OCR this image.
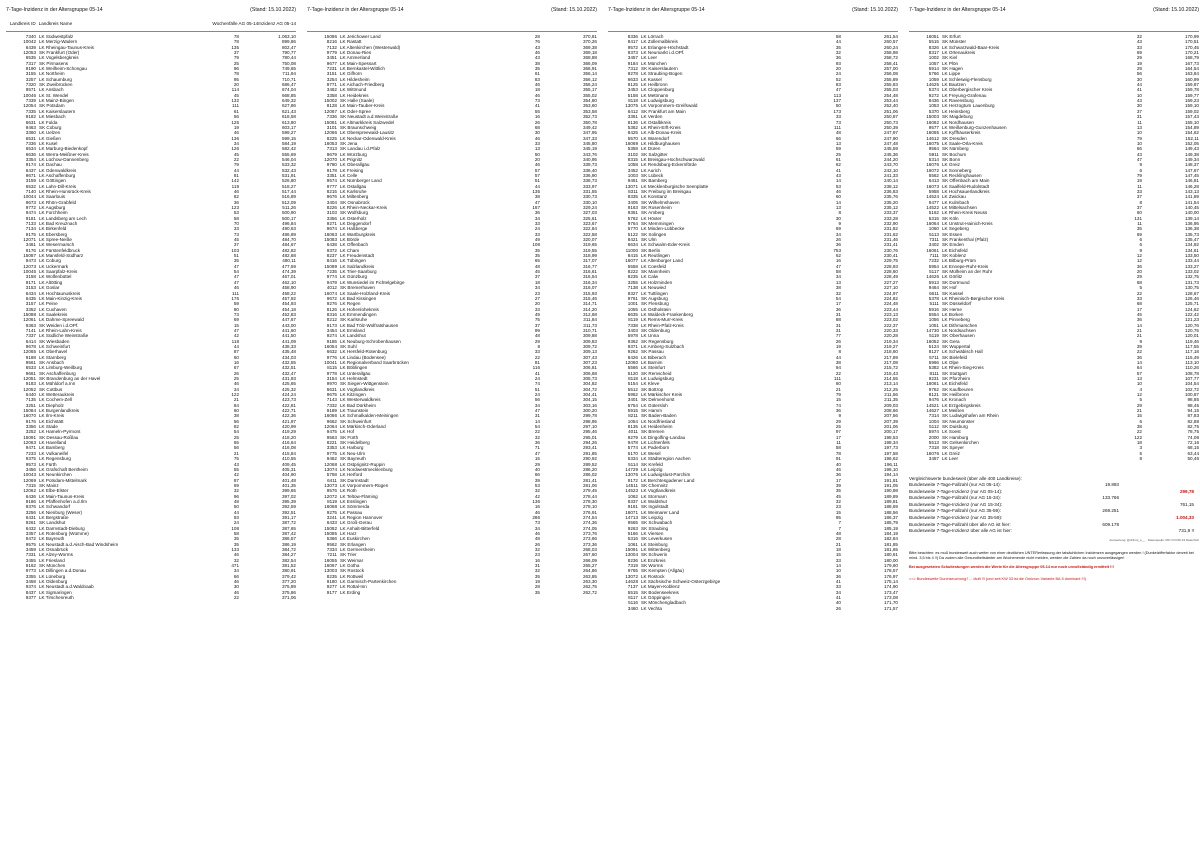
7-Tage-Inzidenz in der Altersgruppe 05-14	(Stand: 15.10.2022)
Landkreis ID Landkreis Name	Wochenfälle AG 05-14 Inzidenz AG 05-14
7340 LK Südwestpfalz	78	1.063,10
10042 LK Merzig-Wadern	78	899,86
6439 LK Rheingau-Taunus-Kreis	135	802,47
12053 SK Frankfurt (Oder)	37	790,77
6535 LK Vogelsbergkreis	79	780,44
7317 SK Pirmasens	25	750,08
9190 LK Weilheim-Schongau	96	749,65
3155 LK Northeim	78	711,94
3257 LK Schaumburg	95	710,71
7320 SK Zweibrücken	20	686,47
9571 LK Ansbach	114	674,04
10046 LK St. Wendel	45	668,85
7339 LK Mainz-Bingen	132	649,32
12054 SK Potsdam	111	627,86
7335 LK Kaiserslautern	61	621,43
9182 LK Miesbach	56	618,58
6631 LK Fulda	125	613,80
9463 SK Coburg	19	603,17
3360 LK Uelzen	46	599,27
6531 LK Gießen	136	599,15
7336 LK Kusel	34	584,19
6534 LK Marburg-Biedenkopf	126	582,42
6636 LK Werra-Meißner-Kreis	45	555,69
3354 LK Lüchow-Dannenberg	22	546,04
9174 LK Dachau	79	533,32
6437 LK Odenwaldkreis	44	532,43
9671 LK Aschaffenburg	81	531,91
3159 LK Göttingen	142	526,80
6532 LK Lahn-Dill-Kreis	119	518,27
7140 LK Rhein-Hunsrück-Kreis	46	517,44
10044 LK Saarlouis	82	516,89
9673 LK Rhön-Grabfeld	36	512,09
9772 LK Augsburg	123	511,26
9474 LK Forchheim	53	500,90
9181 LK Landsberg am Lech	58	500,17
7133 LK Bad Kreuznach	70	496,84
7134 LK Birkenfeld	33	490,63
9175 LK Ebersberg	73	486,89
12071 LK Spree-Neiße	45	484,70
3461 LK Wesermarsch	37	484,67
9176 LK Fürstenfeldbruck	103	482,82
15087 LK Mansfeld-Südharz	51	482,68
9473 LK Coburg	35	480,11
12073 LK Uckermark	47	477,59
10045 LK Saarpfalz-Kreis	54	474,39
3158 LK Wolfenbüttel	47	467,01
9171 LK Altötting	47	462,10
3153 LK Goslar	46	458,90
6434 LK Hochtaunuskreis	111	458,22
6435 LK Main-Kinzig-Kreis	176	457,92
3157 LK Peine	59	454,93
3352 LK Cuxhaven	80	454,18
15088 LK Saalekreis	73	452,83
12061 LK Dahme-Spreewald	69	447,67
9363 SK Weiden i.d.OPf.	15	443,00
7141 LK Rhein-Lahn-Kreis	47	441,60
7337 LK Südliche Weinstraße	42	441,50
6414 SK Wiesbaden	118	441,09
9678 LK Schweinfurt	44	438,33
12065 LK Oberhavel	87	435,48
9188 LK Starnberg	60	434,03
9561 SK Ansbach	16	432,55
6533 LK Limburg-Weilburg	67	432,51
9661 SK Aschaffenburg	26	432,47
12051 SK Brandenburg an der Havel	25	431,93
9183 LK Mühldorf a.Inn	46	425,65
12052 SK Cottbus	34	425,32
6440 LK Wetteraukreis	122	424,24
7135 LK Cochem-Zell	21	423,73
3251 LK Diepholz	84	422,81
15084 LK Burgenlandkreis	60	422,71
16070 LK Ilm-Kreis	38	422,36
9176 LK Eichstätt	56	421,97
3356 LK Stade	82	420,99
3252 LK Hameln-Pyrmont	54	419,29
15091 SK Dessau-Roßlau	25	418,20
12063 LK Havelland	65	416,64
9471 LK Bamberg	56	416,08
7233 LK Vulkaneifel	21	415,84
9375 LK Regensburg	75	410,55
9573 LK Fürth	43	409,45
3456 LK Grafschaft Bentheim	55	405,31
10043 LK Neunkirchen	42	404,90
12069 LK Potsdam-Mittelmark	87	401,48
7315 SK Mainz	69	401,35
12062 LK Elbe-Elster	32	399,65
6436 LK Main-Taunus-Kreis	96	397,02
9186 LK Pfaffenhofen a.d.Ilm	48	395,39
9376 LK Schwandorf	50	392,59
3256 LK Nienburg (Weser)	44	392,51
6431 LK Bergstraße	93	391,17
9261 SK Landshut	24	387,72
6432 LK Darmstadt-Dieburg	108	387,65
3357 LK Rotenburg (Wümme)	58	387,42
9472 LK Bayreuth	35	386,57
9575 LK Neustadt a.d.Aisch-Bad Windsheim	35	386,19
3459 LK Osnabrück	133	384,72
7331 LK Alzey-Worms	46	384,27
3455 LK Friesland	32	382,54
9162 SK München	471	381,52
9773 LK Dillingen a.d.Donau	34	380,91
3355 LK Lüneburg	66	379,42
3458 LK Oldenburg	46	377,20
9374 LK Neustadt a.d.Waldnaab	30	375,89
8437 LK Sigmaringen	46	375,86
9377 LK Tirschenreuth	22	371,06
7-Tage-Inzidenz in der Altersgruppe 05-14	(Stand: 15.10.2022)
15086 LK Jerichower Land	28	370,81
8216 LK Rastatt	76	370,26
7132 LK Altenkirchen (Westerwald)	43	369,38
9779 LK Donau-Ries	46	369,18
3451 LK Ammerland	43	368,88
9677 LK Main-Spessart	38	366,09
7231 LK Bernkastel-Wittlich	35	366,91
3151 LK Gifhorn	61	356,14
3254 LK Hildesheim	83	356,12
9771 LK Aichach-Friedberg	46	355,24
3462 LK Wittmund	18	355,17
3358 LK Heidekreis	46	355,02
15002 SK Halle (Saale)	73	354,80
8128 LK Main-Tauber-Kreis	41	353,60
12067 LK Oder-Spree	55	353,58
7336 SK Neustadt a.d.Weinstraße	16	352,73
15081 LK Altmarkkreis Salzwedel	26	350,78
3101 SK Braunschweig	68	349,42
12066 LK Oberspreewald-Lausitz	30	347,95
8225 LK Neckar-Odenwald-Kreis	46	347,33
16053 SK Jena	33	345,80
7313 SK Landau i.d.Pfalz	13	345,19
9679 LK Würzburg	50	343,76
12070 LK Prignitz	20	340,95
9780 LK Oberallgäu	46	339,73
9178 LK Freising	57	336,40
3351 LK Celle	57	336,90
9574 LK Nürnberger Land	51	336,73
9777 LK Ostallgäu	44	333,97
8215 LK Karlsruhe	135	331,55
9676 LK Miltenberg	38	330,73
3404 SK Osnabrück	47	330,10
8226 LK Rhein-Neckar-Kreis	167	329,24
3103 SK Wolfsburg	36	327,03
3356 LK Osterholz	34	325,61
9271 LK Deggendorf	33	323,67
9674 LK Haßberge	24	322,84
16063 LK Wartburgkreis	33	322,58
15083 LK Börde	49	320,07
6438 LK Offenbach	108	319,65
9372 LK Cham	35	319,55
8237 LK Freudenstadt	35	318,99
8416 LK Tübingen	65	317,07
15089 LK Salzlandkreis	48	316,77
7235 LK Trier-Saarburg	45	316,61
9774 LK Günzburg	37	316,54
9479 LK Wunsiedel im Fichtelgebirge	18	316,34
4012 SK Bremerhaven	34	316,07
16074 LK Saale-Holzland-Kreis	23	315,93
9672 LK Bad Kissingen	27	315,46
9276 LK Regen	20	314,71
8126 LK Hohenlohekreis	33	314,20
8316 LK Emmendingen	49	312,68
8212 SK Karlsruhe	75	311,84
9173 LK Bad Tölz-Wolfratshausen	37	311,73
3454 LK Emsland	99	310,71
9274 LK Landshut	48	309,88
9185 LK Neuburg-Schrobenhausen	29	309,83
16054 SK Suhl	8	309,72
6632 LK Hersfeld-Rotenburg	33	309,13
9776 LK Lindau (Bodensee)	22	307,43
10041 LK Regionalverband Saarbrücken	81	307,23
8115 LK Böblingen	116	306,81
9778 LK Unterallgäu	41	306,68
3154 LK Helmstedt	24	305,73
9970 SK Siegen-Wittgenstein	74	304,82
6631 LK Vogtlandkreis	51	304,72
9675 LK Kitzingen	24	304,41
7143 LK Westerwaldkreis	56	304,15
7332 LK Bad Dürkheim	34	303,16
9189 LK Traunstein	47	300,20
16066 LK Schmalkalden-Meiningen	31	299,78
9662 SK Schweinfurt	14	298,95
12064 LK Märkisch-Oderland	54	297,10
9475 LK Hof	22	295,46
9563 SK Fürth	32	295,01
8221 SK Heidelberg	36	294,26
3353 LK Harburg	71	293,41
9775 LK Neu-Ulm	47	291,85
9462 SK Bayreuth	15	290,92
12068 LK Ostprignitz-Ruppin	29	289,52
13074 LK Nordwestmecklenburg	40	286,20
5758 LK Herford	66	286,02
6411 SK Darmstadt	39	281,41
13073 LK Vorpommern-Rügen	53	281,06
9576 LK Roth	32	279,45
12072 LK Teltow-Fläming	42	278,44
8119 LK Esslingen	136	278,30
16068 LK Sömmerda	16	278,10
9275 LK Passau	46	276,91
3241 LK Region Hannover	286	274,54
6433 LK Groß-Gerau	73	274,36
15082 LK Anhalt-Bitterfeld	34	274,05
15085 LK Harz	46	273,76
5366 LK Euskirchen	48	273,66
9562 SK Erlangen	26	273,36
7334 LK Germersheim	32	268,03
7211 SK Trier	23	267,60
16055 SK Weimar	16	266,09
16067 LK Gotha	31	265,27
13003 SK Rostock	32	264,86
8235 LK Rottweil	35	263,85
9180 LK Garmisch-Partenkirchen	19	263,30
9277 LK Rottal-Inn	28	262,75
9177 LK Erding	35	262,72
7-Tage-Inzidenz in der Altersgruppe 05-14	(Stand: 15.10.2022)
8336 LK Lörrach	58	261,54
8417 LK Zollernalbkreis	44	260,57
9572 LK Erlangen-Höchstadt	35	260,24
9373 LK Neumarkt i.d.OPf.	32	258,98
3457 LK Leer	36	258,72
9184 LK München	93	258,41
7312 SK Kaiserslautern	20	257,00
9278 LK Straubing-Bogen	24	256,08
6633 LK Kassel	52	255,89
8125 LK Heilbronn	83	255,83
3453 LK Cloppenburg	47	255,03
5158 LK Mettmann	113	254,48
8118 LK Ludwigsburg	137	253,44
13075 LK Vorpommern-Greifswald	50	252,40
6412 SK Frankfurt am Main	173	251,06
3361 LK Verden	33	250,87
8136 LK Ostalbkreis	73	250,73
5362 LK Rhein-Erft-Kreis	111	250,39
8425 LK Alb-Donau-Kreis	48	247,97
5570 LK Warendorf	66	247,90
16069 LK Hildburghausen	13	247,48
5358 LK Düren	59	245,59
3102 SK Salzgitter	25	245,36
8315 LK Breisgau-Hochschwarzwald	61	244,20
1058 LK Rendsburg-Eckernförde	62	243,70
3452 LK Aurich	41	242,10
1003 SK Lübeck	43	241,33
9461 SK Bamberg	14	240,14
13071 LK Mecklenburgische Seenplatte	53	238,12
8311 SK Freiburg im Breisgau	46	236,83
8335 LK Konstanz	60	235,76
3405 SK Wilhelmshaven	14	235,20
9163 SK Rosenheim	13	235,12
9361 SK Amberg	8	233,37
5762 LK Höxter	30	233,28
9764 SK Memmingen	9	232,90
5770 LK Minden-Lübbecke	69	231,82
5122 SK Solingen	34	231,62
8421 SK Ulm	26	231,46
6634 LK Schwalm-Eder-Kreis	36	231,41
11000 SK Berlin	753	230,76
8415 LK Reutlingen	62	230,41
16077 LK Altenburger Land	16	229,75
5558 LK Coesfeld	47	228,93
8222 SK Mannheim	58	228,60
8235 LK Calw	34	228,49
3255 LK Holzminden	13	227,27
7138 LK Neuwied	38	227,10
8327 LK Tuttlingen	32	224,97
9761 SK Augsburg	54	224,82
1001 SK Flensburg	17	224,48
1055 LK Ostholstein	36	223,44
6635 LK Waldeck-Frankenberg	31	223,13
8119 LK Rems-Murr-Kreis	88	223,02
7338 LK Rhein-Pfalz-Kreis	31	222,37
3403 SK Oldenburg	31	220,33
5978 LK Unna	77	220,28
9362 SK Regensburg	26	219,34
9371 LK Amberg-Sulzbach	19	219,27
9262 SK Passau	8	218,60
8426 LK Biberach	44	217,89
12060 LK Barnim	38	217,08
5566 LK Steinfurt	94	215,72
5120 SK Remscheid	22	215,43
8118 LK Ludwigsburg	111	214,55
5154 LK Kleve	60	213,14
5512 SK Bottrop	21	212,25
5962 LK Märkischer Kreis	79	211,56
3401 SK Delmenhorst	15	211,35
5754 LK Gütersloh	74	209,03
5915 SK Hamm	36	208,66
8211 SK Baden-Baden	9	207,56
1054 LK Nordfriesland	29	207,39
8135 LK Heidenheim	25	201,06
4011 SK Bremen	97	200,17
9279 LK Dingolfing-Landau	17	198,53
9478 LK Lichtenfels	11	198,34
5774 LK Paderborn	58	197,73
5170 LK Wesel	78	197,58
5334 LK Städteregion Aachen	91	196,62
5114 SK Krefeld	40	196,11
14729 LK Leipzig	46	196,10
13076 LK Ludwigslust-Parchim	36	194,14
9172 LK Berchtesgadener Land	17	191,81
14511 SK Chemnitz	39	191,05
14523 LK Vogtlandkreis	35	190,98
1062 LK Stormarn	45	189,89
8337 LK Waldshut	32	189,81
9161 SK Ingolstadt	23	188,69
16071 LK Weimarer Land	15	188,56
14713 SK Leipzig	95	186,37
9565 SK Schwabach	7	185,79
9263 SK Straubing	7	185,19
5166 LK Viersen	48	184,19
5316 SK Leverkusen	28	182,84
1061 LK Steinburg	21	181,85
15091 LK Wittenberg	18	181,65
13004 SK Schwerin	15	180,61
8236 LK Enzkreis	33	180,00
7319 SK Worms	14	179,60
9765 SK Kempten (Allgäu)	10	178,57
13072 LK Rostock	36	176,97
14628 LK Sächsische Schweiz-Osterzgebirge	41	175,14
7137 LK Mayen-Koblenz	33	174,90
5515 SK Bodenseekreis	34	173,47
8117 LK Göppingen	41	173,08
5116 SK Mönchengladbach	40	171,70
3460 LK Vechta	26	171,57
7-Tage-Inzidenz in der Altersgruppe 05-14	(Stand: 15.10.2022)
16051 SK Erfurt	32	170,99
5515 SK Münster	43	170,51
8326 LK Schwarzwald-Baar-Kreis	33	170,45
8317 LK Ortenaukreis	69	170,21
1002 SK Kiel	29	168,79
1057 LK Plön	19	167,73
5914 SK Hagen	29	164,54
5766 LK Lippe	56	163,84
1059 LK Schleswig-Flensburg	30	160,99
14625 LK Bautzen	44	159,87
5374 LK Oberbergischer Kreis	41	159,78
9272 LK Freyung-Grafenau	10	159,77
8436 LK Ravensburg	43	159,23
1053 LK Herzogtum Lauenburg	30	159,10
5370 LK Heinsberg	37	159,02
15003 SK Magdeburg	31	157,43
16062 LK Nordhausen	11	155,10
9577 LK Weißenburg-Gunzenhausen	13	154,89
16065 LK Kyffhäuserkreis	10	154,62
14612 SK Dresden	79	152,11
16075 LK Saale-Orla-Kreis	10	152,05
9564 SK Nürnberg	66	149,43
5911 SK Bochum	43	149,38
5314 SK Bonn	47	149,34
16076 LK Greiz	9	148,37
16072 LK Sonneberg	6	147,67
5562 LK Recklinghausen	79	147,45
6413 SK Offenbach am Main	19	146,81
16073 LK Saalfeld-Rudolstadt	11	146,28
5958 LK Hochsauerlandkreis	33	143,13
14524 LK Zwickau	37	141,89
9477 LK Kulmbach	8	141,54
14522 LK Mittelsachsen	37	140,45
5162 LK Rhein-Kreis Neuss	60	140,00
5315 SK Köln	131	139,14
16064 LK Unstrut-Hainich-Kreis	11	136,95
1060 LK Segeberg	35	136,38
5113 SK Essen	69	135,73
7311 SK Frankenthal (Pfalz)	6	135,47
3402 SK Emden	6	134,92
16061 LK Eichsfeld	9	134,61
7111 SK Koblenz	12	133,50
7232 LK Bitburg-Prüm	12	133,44
5954 LK Ennepe-Ruhr-Kreis	36	133,27
5117 SK Mülheim an der Ruhr	20	133,02
14626 LK Görlitz	29	132,75
5913 SK Dortmund	68	131,73
9464 SK Hof	5	130,75
6611 SK Kassel	22	128,67
5378 LK Rheinisch-Bergischer Kreis	33	126,46
5111 SK Düsseldorf	68	125,71
5916 SK Herne	17	124,62
5554 LK Borken	45	122,42
1056 LK Pinneberg	36	121,23
1051 LK Dithmarschen	14	120,76
14730 LK Nordsachsen	21	120,75
5119 SK Oberhausen	21	120,01
16052 SK Gera	9	119,46
5124 SK Wuppertal	39	117,55
8127 LK Schwäbisch Hall	22	117,18
5711 SK Bielefeld	36	115,49
5966 LK Olpe	14	113,10
5382 LK Rhein-Sieg-Kreis	64	110,26
8111 SK Stuttgart	57	108,78
8231 SK Pforzheim	13	107,77
16061 LK Eichsfeld	10	104,54
9762 SK Kaufbeuren	4	102,72
8121 SK Heilbronn	12	100,87
9476 LK Kronach	5	98,85
14521 LK Erzgebirgskreis	29	98,45
14627 LK Meißen	21	94,15
7314 SK Ludwigshafen am Rhein	15	87,83
1004 SK Neumünster	6	82,88
5112 SK Duisburg	38	82,75
5974 LK Soest	22	78,75
2000 SK Hamburg	122	74,08
5513 SK Gelsenkirchen	18	72,16
7318 SK Speyer	3	68,15
16076 LK Greiz	5	63,44
3457 LK Leer	8	50,46
Vergleichswerte bundesweit (über alle 400 Landkreise):
Bundesweite 7-Tage-Fallzahl (nur AG 05-14):	19.893
Bundesweite 7-Tage-Inzidenz (nur AG 05-14):	299,78
Bundesweite 7-Tage-Fallzahl (nur AG 15-34):	133.766
Bundesweite 7-Tage-Inzidenz (nur AG 15-34):	761,15
Bundesweite 7-Tage-Fallzahl (nur AG 35-59):	269.251
Bundesweite 7-Tage-Inzidenz (nur AG 35-59):	1.004,33
Bundesweite 7-Tage-Fallzahl über alle AG ist hier:	609.178
Bundesweite 7-Tage-Inzidenz über alle AG ist hier:	731,9 !!
Auswertung: @dr4mp_e__ · Datenquelle: RKI COVID-19 Datenhub
Bitte beachten: es muß bundesweit auch weiter von einer deutlichen UNTERerfassung der tatsächlichen Inzidenzen ausgegangen werden ! (Dunkelzifferfaktor derzeit bei mind. 3,5 bis 4 !!) Da zudem alle Gesundheitsämter am Wochenende nicht melden, werden die Zahlen da noch unzuverlässiger!
Bei ausgesetzten Schultestungen werden die Werte für die Altersgruppe 05-14 nur noch unvollständig ermittelt !!!
==> Bundesweite Durchseuchung? ... läuft !!! (und seit KW 33 ist die Omicron-Variante BA.5 dominant !!!)
